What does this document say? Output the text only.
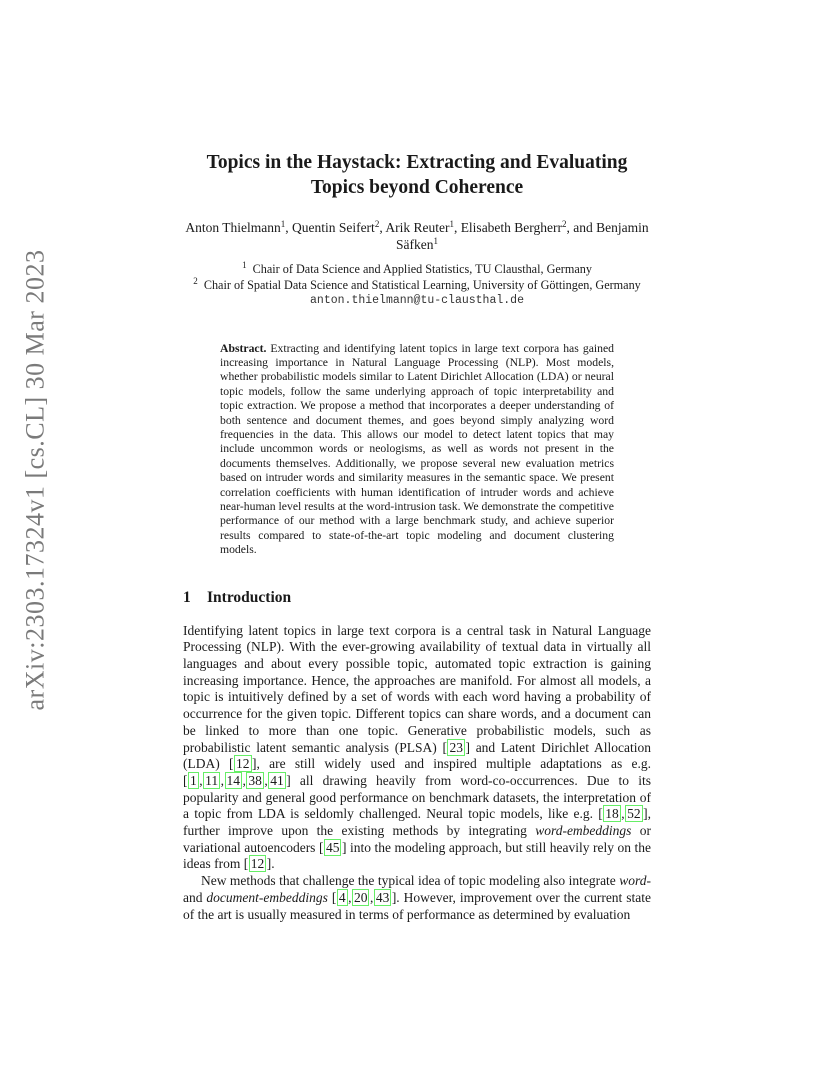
arXiv:2303.17324v1 [cs.CL] 30 Mar 2023
Topics in the Haystack: Extracting and Evaluating
Topics beyond Coherence
Anton Thielmann$^1$, Quentin Seifert$^2$, Arik Reuter$^1$, Elisabeth Bergherr$^2$, and Benjamin Säfken$^1$
$^1$ Chair of Data Science and Applied Statistics, TU Clausthal, Germany
$^2$ Chair of Spatial Data Science and Statistical Learning, University of Göttingen, Germany
anton.thielmann@tu-clausthal.de
Abstract. Extracting and identifying latent topics in large text corpora has gained increasing importance in Natural Language Processing (NLP). Most models, whether probabilistic models similar to Latent Dirichlet Allocation (LDA) or neural topic models, follow the same underlying approach of topic interpretability and topic extraction. We propose a method that incorporates a deeper understanding of both sentence and document themes, and goes beyond simply analyzing word frequencies in the data. This allows our model to detect latent topics that may include uncommon words or neologisms, as well as words not present in the documents themselves. Additionally, we propose several new evaluation metrics based on intruder words and similarity measures in the semantic space. We present correlation coefficients with human identification of intruder words and achieve near-human level results at the word-intrusion task. We demonstrate the competitive performance of our method with a large benchmark study, and achieve superior results compared to state-of-the-art topic modeling and document clustering models.
1 Introduction

Identifying latent topics in large text corpora is a central task in Natural Language Processing (NLP). With the ever-growing availability of textual data in virtually all languages and about every possible topic, automated topic extraction is gaining increasing importance. Hence, the approaches are manifold. For almost all models, a topic is intuitively defined by a set of words with each word having a probability of occurrence for the given topic. Different topics can share words, and a document can be linked to more than one topic. Generative probabilistic models, such as probabilistic latent semantic analysis (PLSA) [ 23 ] and Latent Dirichlet Allocation (LDA) [ 12 ], are still widely used and inspired multiple adaptations as e.g. [ 1 , 11 , 14 , 38 , 41 ] all drawing heavily from word-co-occurrences. Due to its popularity and general good performance on benchmark datasets, the interpretation of a topic from LDA is seldomly challenged. Neural topic models, like e.g. [ 18 , 52 ], further improve upon the existing methods by integrating word-embeddings or variational autoencoders [ 45 ] into the modeling approach, but still heavily rely on the ideas from [ 12 ].

New methods that challenge the typical idea of topic modeling also integrate word- and document-embeddings [ 4 , 20 , 43 ]. However, improvement over the current state of the art is usually measured in terms of performance as determined by evaluation
